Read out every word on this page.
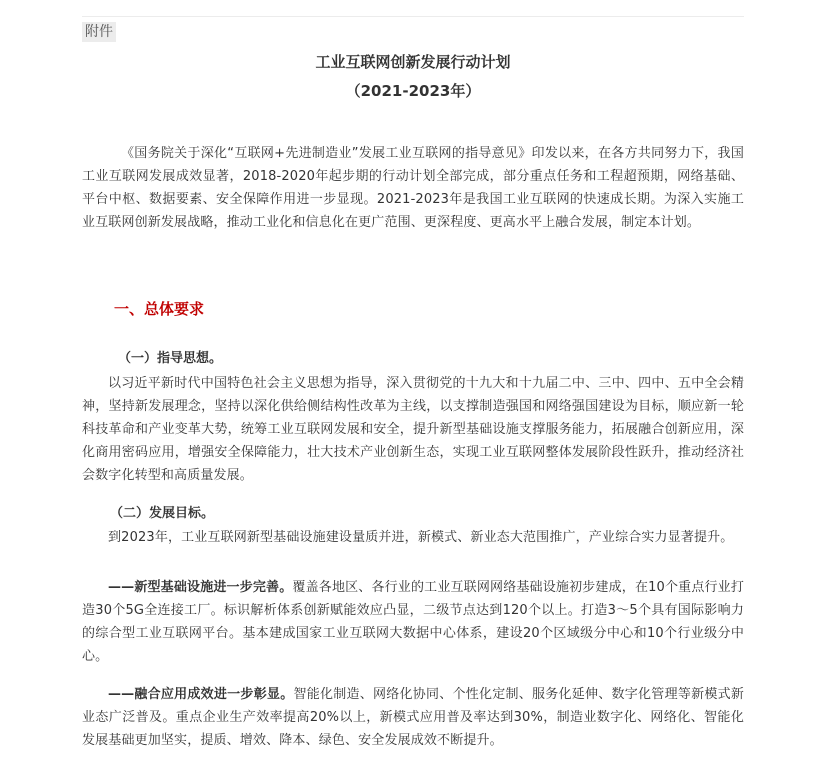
附件
工业互联网创新发展行动计划
（2021-2023年）

《国务院关于深化“互联网+先进制造业”发展工业互联网的指导意见》印发以来，在各方共同努力下，我国工业互联网发展成效显著，2018-2020年起步期的行动计划全部完成，部分重点任务和工程超预期，网络基础、平台中枢、数据要素、安全保障作用进一步显现。2021-2023年是我国工业互联网的快速成长期。为深入实施工业互联网创新发展战略，推动工业化和信息化在更广范围、更深程度、更高水平上融合发展，制定本计划。

一、总体要求
（一）指导思想。

以习近平新时代中国特色社会主义思想为指导，深入贯彻党的十九大和十九届二中、三中、四中、五中全会精神，坚持新发展理念，坚持以深化供给侧结构性改革为主线，以支撑制造强国和网络强国建设为目标，顺应新一轮科技革命和产业变革大势，统筹工业互联网发展和安全，提升新型基础设施支撑服务能力，拓展融合创新应用，深化商用密码应用，增强安全保障能力，壮大技术产业创新生态，实现工业互联网整体发展阶段性跃升，推动经济社会数字化转型和高质量发展。

（二）发展目标。

到2023年，工业互联网新型基础设施建设量质并进，新模式、新业态大范围推广，产业综合实力显著提升。

——新型基础设施进一步完善。覆盖各地区、各行业的工业互联网网络基础设施初步建成，在10个重点行业打造30个5G全连接工厂。标识解析体系创新赋能效应凸显，二级节点达到120个以上。打造3～5个具有国际影响力的综合型工业互联网平台。基本建成国家工业互联网大数据中心体系，建设20个区域级分中心和10个行业级分中心。

——融合应用成效进一步彰显。智能化制造、网络化协同、个性化定制、服务化延伸、数字化管理等新模式新业态广泛普及。重点企业生产效率提高20%以上，新模式应用普及率达到30%，制造业数字化、网络化、智能化发展基础更加坚实，提质、增效、降本、绿色、安全发展成效不断提升。
